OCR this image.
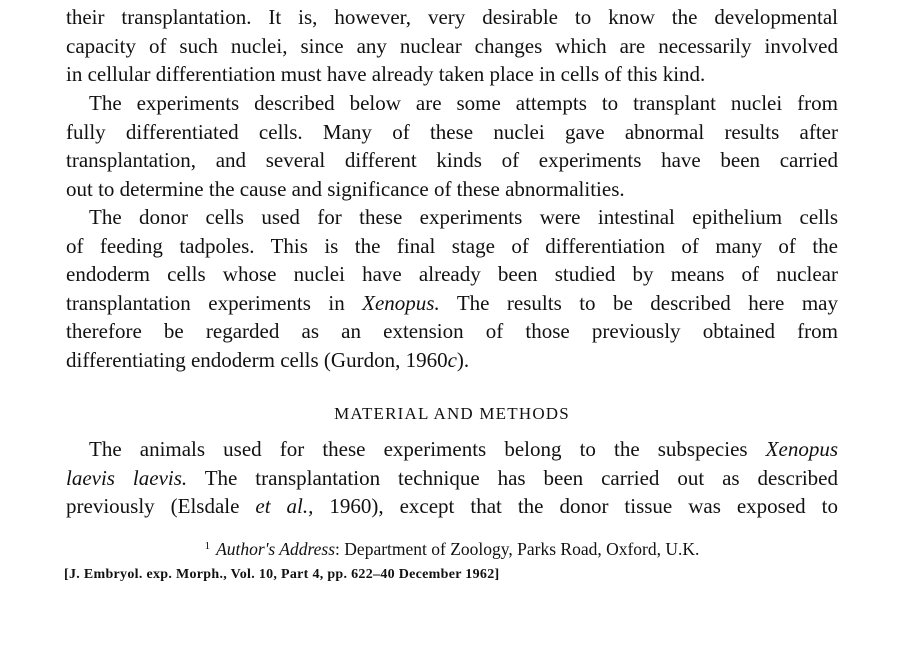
their transplantation. It is, however, very desirable to know the developmental
capacity of such nuclei, since any nuclear changes which are necessarily involved
in cellular differentiation must have already taken place in cells of this kind.
The experiments described below are some attempts to transplant nuclei from
fully differentiated cells. Many of these nuclei gave abnormal results after
transplantation, and several different kinds of experiments have been carried
out to determine the cause and significance of these abnormalities.
The donor cells used for these experiments were intestinal epithelium cells
of feeding tadpoles. This is the final stage of differentiation of many of the
endoderm cells whose nuclei have already been studied by means of nuclear
transplantation experiments in Xenopus. The results to be described here may
therefore be regarded as an extension of those previously obtained from
differentiating endoderm cells (Gurdon, 1960c).

MATERIAL AND METHODS

The animals used for these experiments belong to the subspecies Xenopus
laevis laevis. The transplantation technique has been carried out as described
previously (Elsdale et al., 1960), except that the donor tissue was exposed to

$^1$ Author's Address: Department of Zoology, Parks Road, Oxford, U.K.

[J. Embryol. exp. Morph., Vol. 10, Part 4, pp. 622–40 December 1962]
